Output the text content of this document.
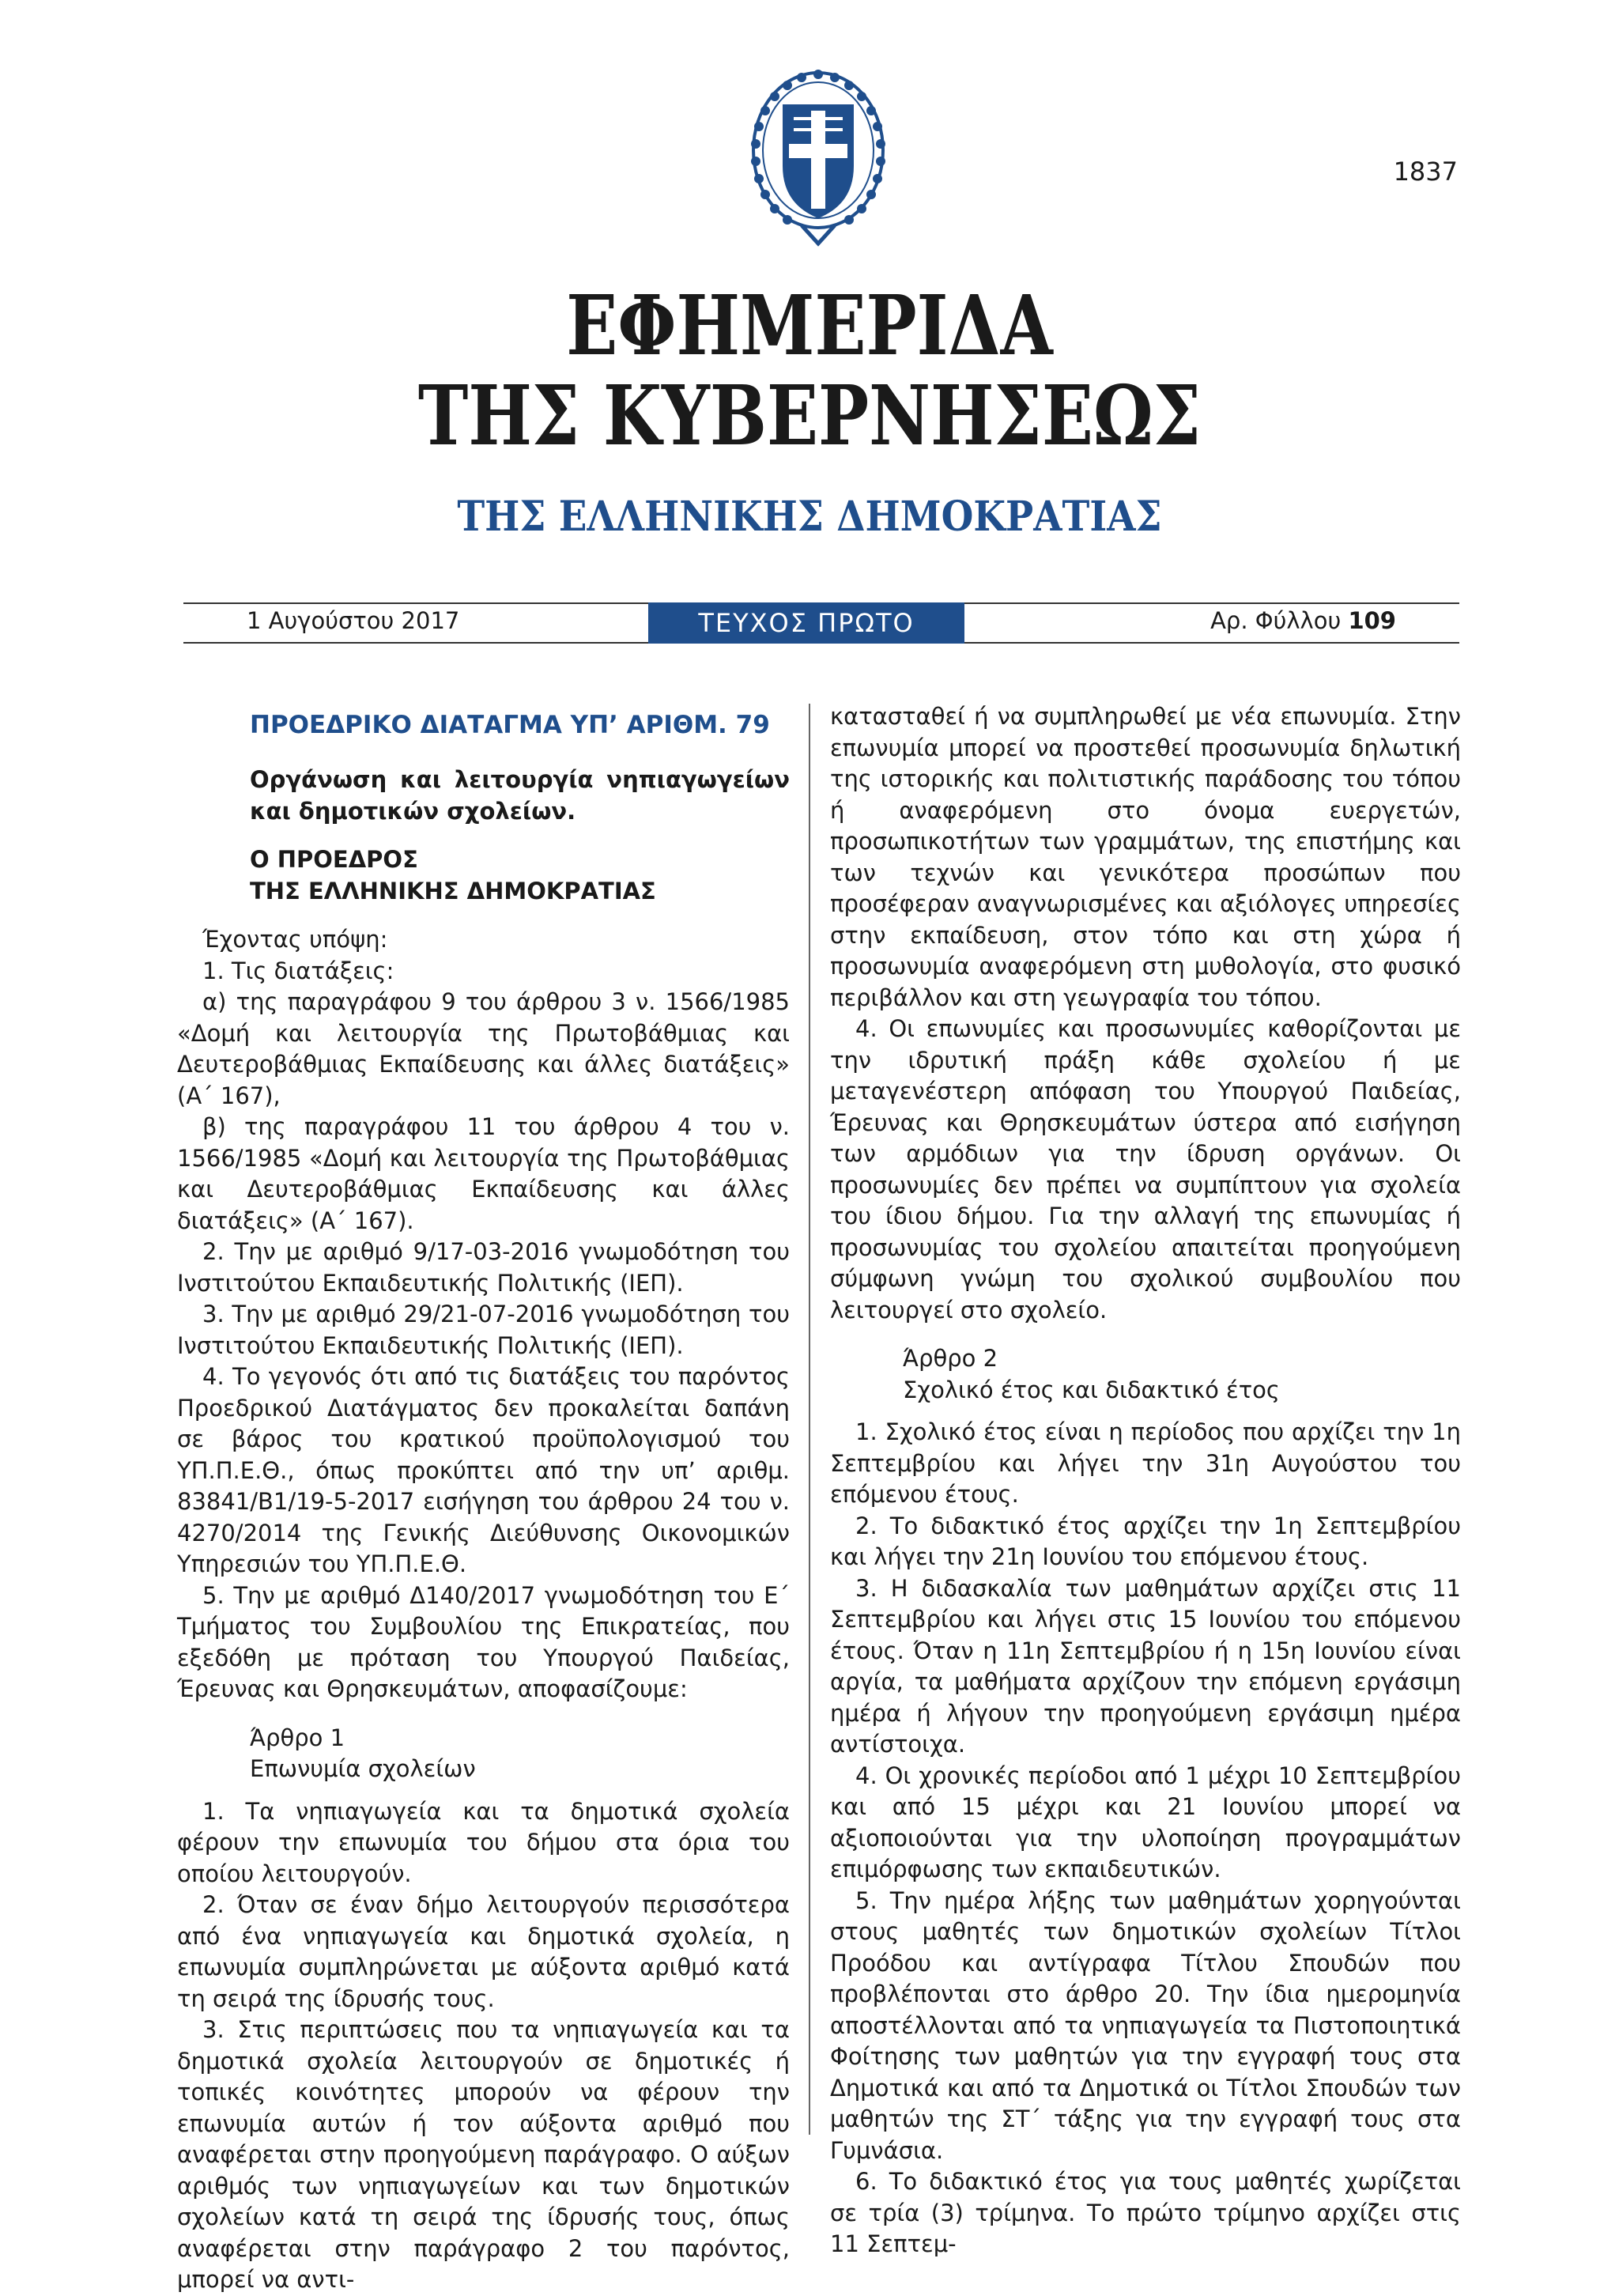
1837
ΕΦΗΜΕΡΙΔΑ
ΤΗΣ ΚΥΒΕΡΝΗΣΕΩΣ
ΤΗΣ ΕΛΛΗΝΙΚΗΣ ΔΗΜΟΚΡΑΤΙΑΣ
1 Αυγούστου 2017	ΤΕΥΧΟΣ ΠΡΩΤΟ	Αρ. Φύλλου 109

ΠΡΟΕΔΡΙΚΟ ΔΙΑΤΑΓΜΑ ΥΠ’ ΑΡΙΘΜ. 79

Οργάνωση και λειτουργία νηπιαγωγείων και δημοτικών σχολείων.

Ο ΠΡΟΕΔΡΟΣ
ΤΗΣ ΕΛΛΗΝΙΚΗΣ ΔΗΜΟΚΡΑΤΙΑΣ

Έχοντας υπόψη:

1. Τις διατάξεις:

α) της παραγράφου 9 του άρθρου 3 ν. 1566/1985 «Δομή και λειτουργία της Πρωτοβάθμιας και Δευτεροβάθμιας Εκπαίδευσης και άλλες διατάξεις» (Α΄ 167),

β) της παραγράφου 11 του άρθρου 4 του ν. 1566/1985 «Δομή και λειτουργία της Πρωτοβάθμιας και Δευτεροβάθμιας Εκπαίδευσης και άλλες διατάξεις» (Α΄ 167).

2. Την με αριθμό 9/17-03-2016 γνωμοδότηση του Ινστιτούτου Εκπαιδευτικής Πολιτικής (ΙΕΠ).

3. Την με αριθμό 29/21-07-2016 γνωμοδότηση του Ινστιτούτου Εκπαιδευτικής Πολιτικής (ΙΕΠ).

4. Το γεγονός ότι από τις διατάξεις του παρόντος Προεδρικού Διατάγματος δεν προκαλείται δαπάνη σε βάρος του κρατικού προϋπολογισμού του ΥΠ.Π.Ε.Θ., όπως προκύπτει από την υπ’ αριθμ. 83841/Β1/19-5-2017 εισήγηση του άρθρου 24 του ν. 4270/2014 της Γενικής Διεύθυνσης Οικονομικών Υπηρεσιών του ΥΠ.Π.Ε.Θ.

5. Την με αριθμό Δ140/2017 γνωμοδότηση του Ε΄ Τμήματος του Συμβουλίου της Επικρατείας, που εξεδόθη με πρόταση του Υπουργού Παιδείας, Έρευνας και Θρησκευμάτων, αποφασίζουμε:

Άρθρο 1

Επωνυμία σχολείων

1. Τα νηπιαγωγεία και τα δημοτικά σχολεία φέρουν την επωνυμία του δήμου στα όρια του οποίου λειτουργούν.

2. Όταν σε έναν δήμο λειτουργούν περισσότερα από ένα νηπιαγωγεία και δημοτικά σχολεία, η επωνυμία συμπληρώνεται με αύξοντα αριθμό κατά τη σειρά της ίδρυσής τους.

3. Στις περιπτώσεις που τα νηπιαγωγεία και τα δημοτικά σχολεία λειτουργούν σε δημοτικές ή τοπικές κοινότητες μπορούν να φέρουν την επωνυμία αυτών ή τον αύξοντα αριθμό που αναφέρεται στην προηγούμενη παράγραφο. Ο αύξων αριθμός των νηπιαγωγείων και των δημοτικών σχολείων κατά τη σειρά της ίδρυσής τους, όπως αναφέρεται στην παράγραφο 2 του παρόντος, μπορεί να αντι-

κατασταθεί ή να συμπληρωθεί με νέα επωνυμία. Στην επωνυμία μπορεί να προστεθεί προσωνυμία δηλωτική της ιστορικής και πολιτιστικής παράδοσης του τόπου ή αναφερόμενη στο όνομα ευεργετών, προσωπικοτήτων των γραμμάτων, της επιστήμης και των τεχνών και γενικότερα προσώπων που προσέφεραν αναγνωρισμένες και αξιόλογες υπηρεσίες στην εκπαίδευση, στον τόπο και στη χώρα ή προσωνυμία αναφερόμενη στη μυθολογία, στο φυσικό περιβάλλον και στη γεωγραφία του τόπου.

4. Οι επωνυμίες και προσωνυμίες καθορίζονται με την ιδρυτική πράξη κάθε σχολείου ή με μεταγενέστερη απόφαση του Υπουργού Παιδείας, Έρευνας και Θρησκευμάτων ύστερα από εισήγηση των αρμόδιων για την ίδρυση οργάνων. Οι προσωνυμίες δεν πρέπει να συμπίπτουν για σχολεία του ίδιου δήμου. Για την αλλαγή της επωνυμίας ή προσωνυμίας του σχολείου απαιτείται προηγούμενη σύμφωνη γνώμη του σχολικού συμβουλίου που λειτουργεί στο σχολείο.

Άρθρο 2

Σχολικό έτος και διδακτικό έτος

1. Σχολικό έτος είναι η περίοδος που αρχίζει την 1η Σεπτεμβρίου και λήγει την 31η Αυγούστου του επόμενου έτους.

2. Το διδακτικό έτος αρχίζει την 1η Σεπτεμβρίου και λήγει την 21η Ιουνίου του επόμενου έτους.

3. Η διδασκαλία των μαθημάτων αρχίζει στις 11 Σεπτεμβρίου και λήγει στις 15 Ιουνίου του επόμενου έτους. Όταν η 11η Σεπτεμβρίου ή η 15η Ιουνίου είναι αργία, τα μαθήματα αρχίζουν την επόμενη εργάσιμη ημέρα ή λήγουν την προηγούμενη εργάσιμη ημέρα αντίστοιχα.

4. Οι χρονικές περίοδοι από 1 μέχρι 10 Σεπτεμβρίου και από 15 μέχρι και 21 Ιουνίου μπορεί να αξιοποιούνται για την υλοποίηση προγραμμάτων επιμόρφωσης των εκπαιδευτικών.

5. Την ημέρα λήξης των μαθημάτων χορηγούνται στους μαθητές των δημοτικών σχολείων Τίτλοι Προόδου και αντίγραφα Τίτλου Σπουδών που προβλέπονται στο άρθρο 20. Την ίδια ημερομηνία αποστέλλονται από τα νηπιαγωγεία τα Πιστοποιητικά Φοίτησης των μαθητών για την εγγραφή τους στα Δημοτικά και από τα Δημοτικά οι Τίτλοι Σπουδών των μαθητών της ΣΤ΄ τάξης για την εγγραφή τους στα Γυμνάσια.

6. Το διδακτικό έτος για τους μαθητές χωρίζεται σε τρία (3) τρίμηνα. Το πρώτο τρίμηνο αρχίζει στις 11 Σεπτεμ-
